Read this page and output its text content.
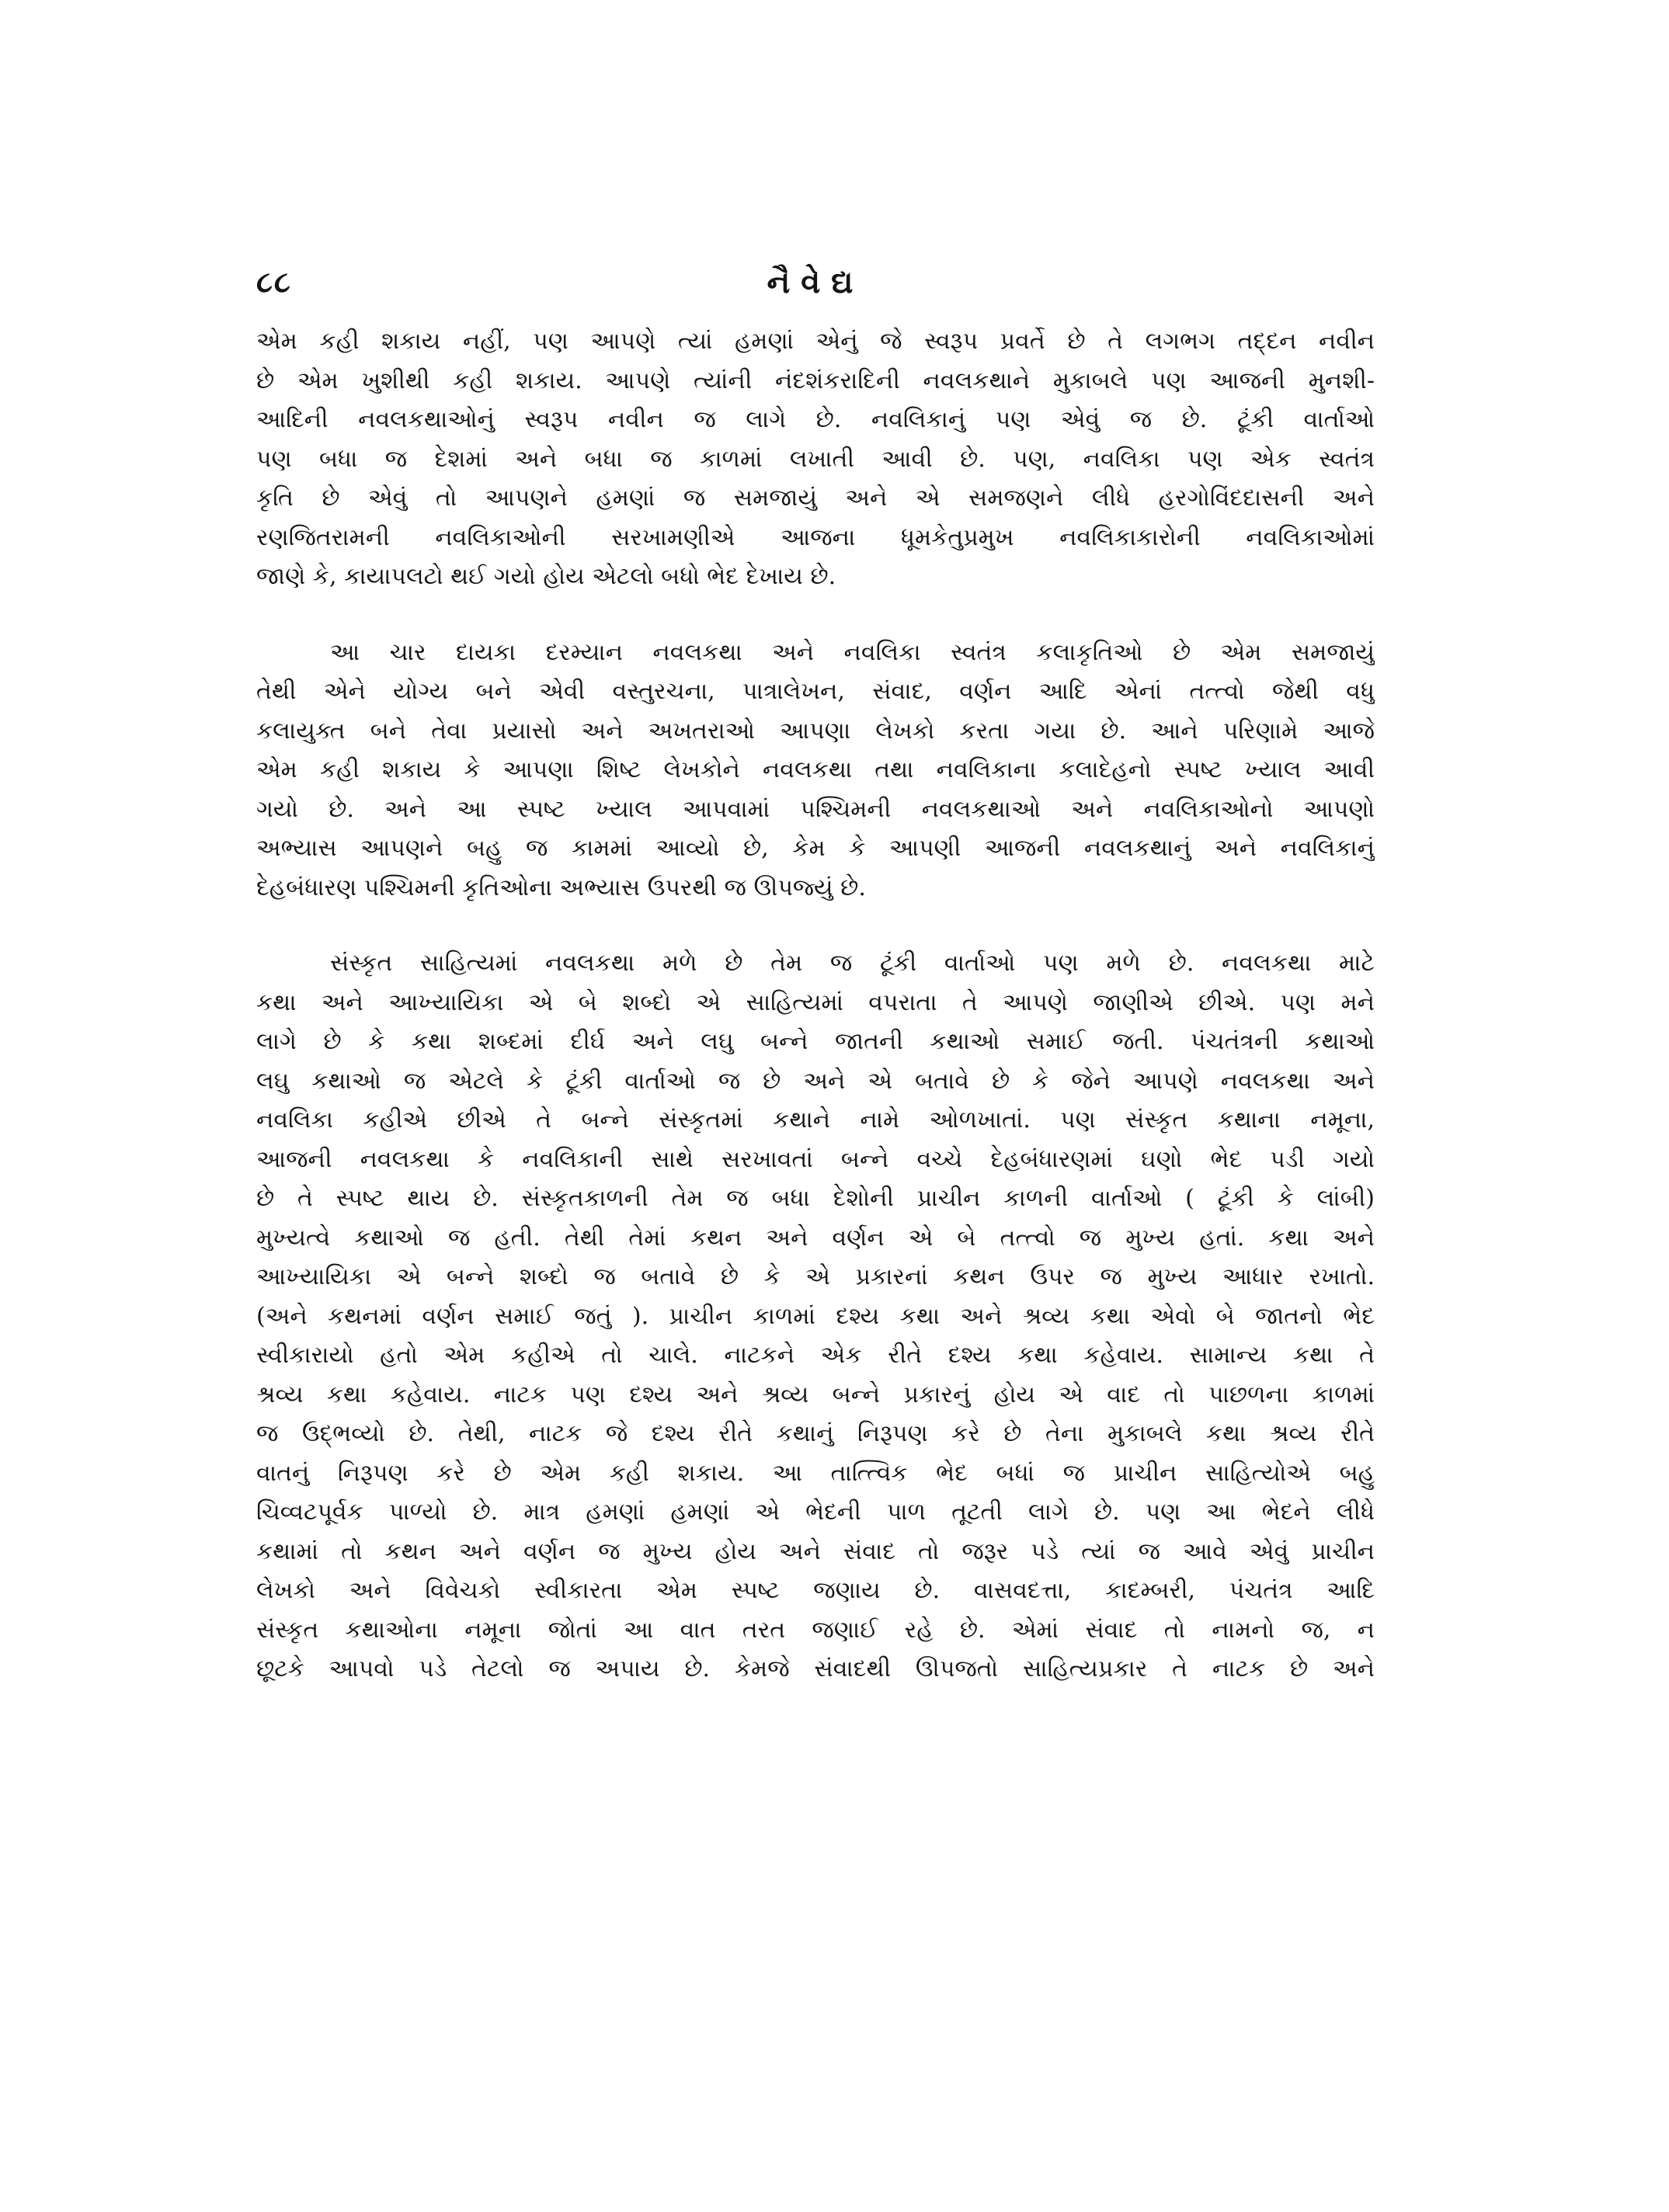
૮૮	નૈવેદ્ય
એમ કહી શકાય નહીં, પણ આપણે ત્યાં હમણાં એનું જે સ્વરૂપ પ્રવર્તે છે તે લગભગ તદ્દન નવીન
છે એમ ખુશીથી કહી શકાય. આપણે ત્યાંની નંદશંકરાદિની નવલકથાને મુકાબલે પણ આજની મુનશી-
આદિની નવલકથાઓનું સ્વરૂપ નવીન જ લાગે છે. નવલિકાનું પણ એવું જ છે. ટૂંકી વાર્તાઓ
પણ બધા જ દેશમાં અને બધા જ કાળમાં લખાતી આવી છે. પણ, નવલિકા પણ એક સ્વતંત્ર
કૃતિ છે એવું તો આપણને હમણાં જ સમજાયું અને એ સમજણને લીધે હરગોવિંદદાસની અને
રણજિતરામની નવલિકાઓની સરખામણીએ આજના ધૂમકેતુપ્રમુખ નવલિકાકારોની નવલિકાઓમાં
જાણે કે, કાયાપલટો થઈ ગયો હોય એટલો બધો ભેદ દેખાય છે.
આ ચાર દાયકા દરમ્યાન નવલકથા અને નવલિકા સ્વતંત્ર કલાકૃતિઓ છે એમ સમજાયું
તેથી એને યોગ્ય બને એવી વસ્તુરચના, પાત્રાલેખન, સંવાદ, વર્ણન આદિ એનાં તત્ત્વો જેથી વધુ
કલાયુક્ત બને તેવા પ્રયાસો અને અખતરાઓ આપણા લેખકો કરતા ગયા છે. આને પરિણામે આજે
એમ કહી શકાય કે આપણા શિષ્ટ લેખકોને નવલકથા તથા નવલિકાના કલાદેહનો સ્પષ્ટ ખ્યાલ આવી
ગયો છે. અને આ સ્પષ્ટ ખ્યાલ આપવામાં પશ્ચિમની નવલકથાઓ અને નવલિકાઓનો આપણો
અભ્યાસ આપણને બહુ જ કામમાં આવ્યો છે, કેમ કે આપણી આજની નવલકથાનું અને નવલિકાનું
દેહબંધારણ પશ્ચિમની કૃતિઓના અભ્યાસ ઉપરથી જ ઊપજ્યું છે.
સંસ્કૃત સાહિત્યમાં નવલકથા મળે છે તેમ જ ટૂંકી વાર્તાઓ પણ મળે છે. નવલકથા માટે
કથા અને આખ્યાયિકા એ બે શબ્દો એ સાહિત્યમાં વપરાતા તે આપણે જાણીએ છીએ. પણ મને
લાગે છે કે કથા શબ્દમાં દીર્ઘ અને લઘુ બન્ને જાતની કથાઓ સમાઈ જતી. પંચતંત્રની કથાઓ
લઘુ કથાઓ જ એટલે કે ટૂંકી વાર્તાઓ જ છે અને એ બતાવે છે કે જેને આપણે નવલકથા અને
નવલિકા કહીએ છીએ તે બન્ને સંસ્કૃતમાં કથાને નામે ઓળખાતાં. પણ સંસ્કૃત કથાના નમૂના,
આજની નવલકથા કે નવલિકાની સાથે સરખાવતાં બન્ને વચ્ચે દેહબંધારણમાં ઘણો ભેદ પડી ગયો
છે તે સ્પષ્ટ થાય છે. સંસ્કૃતકાળની તેમ જ બધા દેશોની પ્રાચીન કાળની વાર્તાઓ ( ટૂંકી કે લાંબી)
મુખ્યત્વે કથાઓ જ હતી. તેથી તેમાં કથન અને વર્ણન એ બે તત્ત્વો જ મુખ્ય હતાં. કથા અને
આખ્યાયિકા એ બન્ને શબ્દો જ બતાવે છે કે એ પ્રકારનાં કથન ઉપર જ મુખ્ય આધાર રખાતો.
(અને કથનમાં વર્ણન સમાઈ જતું ). પ્રાચીન કાળમાં દશ્ય કથા અને શ્રવ્ય કથા એવો બે જાતનો ભેદ
સ્વીકારાયો હતો એમ કહીએ તો ચાલે. નાટકને એક રીતે દશ્ય કથા કહેવાય. સામાન્ય કથા તે
શ્રવ્ય કથા કહેવાય. નાટક પણ દશ્ય અને શ્રવ્ય બન્ને પ્રકારનું હોય એ વાદ તો પાછળના કાળમાં
જ ઉદ્ભવ્યો છે. તેથી, નાટક જે દશ્ય રીતે કથાનું નિરૂપણ કરે છે તેના મુકાબલે કથા શ્રવ્ય રીતે
વાતનું નિરૂપણ કરે છે એમ કહી શકાય. આ તાત્ત્વિક ભેદ બધાં જ પ્રાચીન સાહિત્યોએ બહુ
ચિવ્વટપૂર્વક પાળ્યો છે. માત્ર હમણાં હમણાં એ ભેદની પાળ તૂટતી લાગે છે. પણ આ ભેદને લીધે
કથામાં તો કથન અને વર્ણન જ મુખ્ય હોય અને સંવાદ તો જરૂર પડે ત્યાં જ આવે એવું પ્રાચીન
લેખકો અને વિવેચકો સ્વીકારતા એમ સ્પષ્ટ જણાય છે. વાસવદત્તા, કાદમ્બરી, પંચતંત્ર આદિ
સંસ્કૃત કથાઓના નમૂના જોતાં આ વાત તરત જણાઈ રહે છે. એમાં સંવાદ તો નામનો જ, ન
છૂટકે આપવો પડે તેટલો જ અપાય છે. કેમજે સંવાદથી ઊપજતો સાહિત્યપ્રકાર તે નાટક છે અને
